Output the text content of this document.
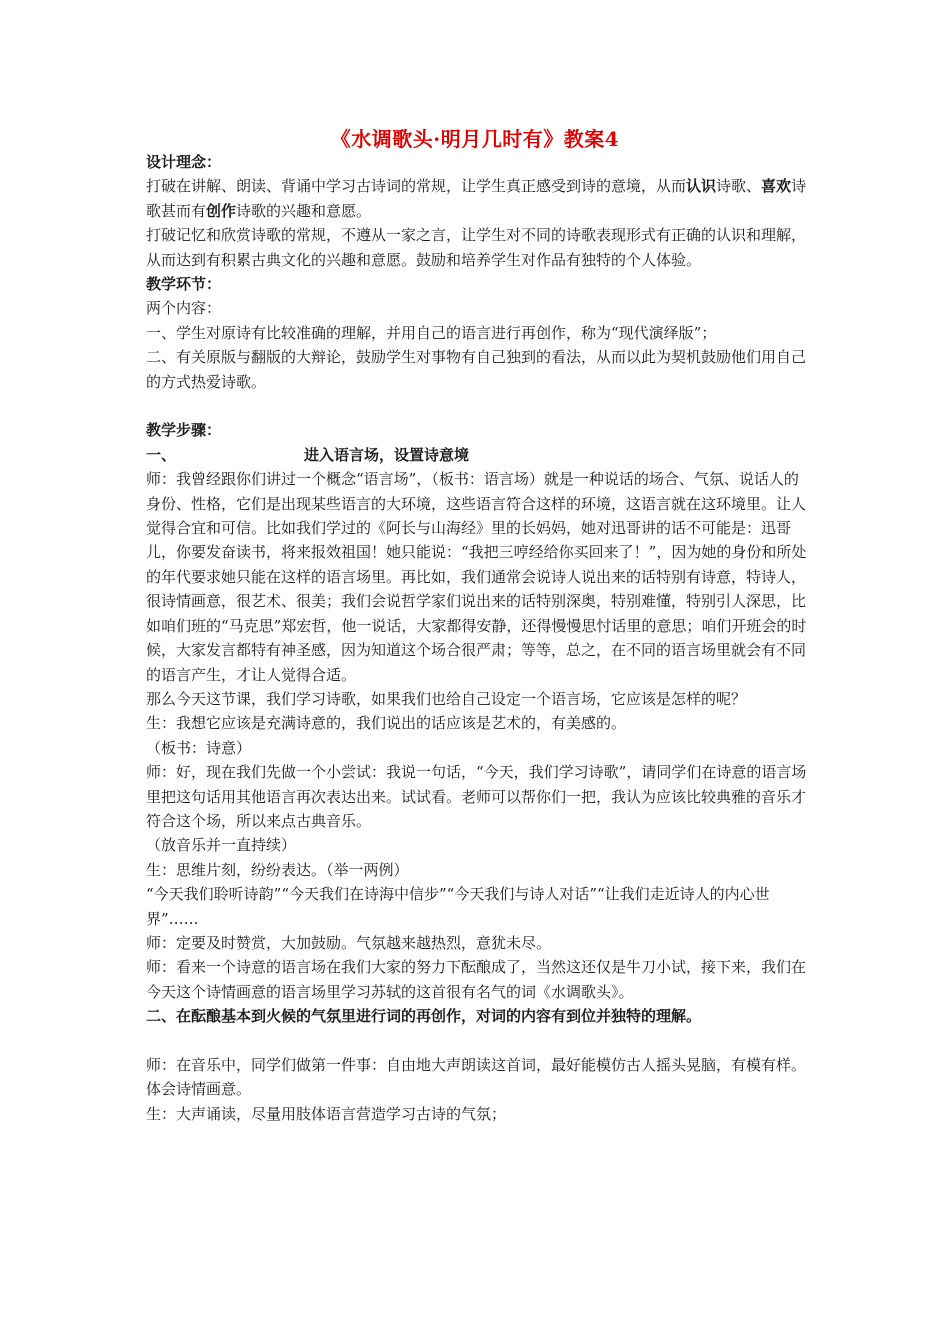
《水调歌头·明月几时有》教案4

设计理念：

打破在讲解、朗读、背诵中学习古诗词的常规，让学生真正感受到诗的意境，从而认识诗歌、喜欢诗歌甚而有创作诗歌的兴趣和意愿。

打破记忆和欣赏诗歌的常规，不遵从一家之言，让学生对不同的诗歌表现形式有正确的认识和理解，从而达到有积累古典文化的兴趣和意愿。鼓励和培养学生对作品有独特的个人体验。

教学环节：

两个内容：

一、学生对原诗有比较准确的理解，并用自己的语言进行再创作，称为“现代演绎版”；

二、有关原版与翻版的大辩论，鼓励学生对事物有自己独到的看法，从而以此为契机鼓励他们用自己的方式热爱诗歌。

教学步骤：

一、	进入语言场，设置诗意境

师：我曾经跟你们讲过一个概念“语言场”，（板书：语言场）就是一种说话的场合、气氛、说话人的身份、性格，它们是出现某些语言的大环境，这些语言符合这样的环境，这语言就在这环境里。让人觉得合宜和可信。比如我们学过的《阿长与山海经》里的长妈妈，她对迅哥讲的话不可能是：迅哥儿，你要发奋读书，将来报效祖国！她只能说：“我把三哼经给你买回来了！”，因为她的身份和所处的年代要求她只能在这样的语言场里。再比如，我们通常会说诗人说出来的话特别有诗意，特诗人，很诗情画意，很艺术、很美；我们会说哲学家们说出来的话特别深奥，特别难懂，特别引人深思，比如咱们班的“马克思”郑宏哲，他一说话，大家都得安静，还得慢慢思忖话里的意思；咱们开班会的时候，大家发言都特有神圣感，因为知道这个场合很严肃；等等，总之，在不同的语言场里就会有不同的语言产生，才让人觉得合适。

那么今天这节课，我们学习诗歌，如果我们也给自己设定一个语言场，它应该是怎样的呢？

生：我想它应该是充满诗意的，我们说出的话应该是艺术的，有美感的。

（板书：诗意）

师：好，现在我们先做一个小尝试：我说一句话，“今天，我们学习诗歌”，请同学们在诗意的语言场里把这句话用其他语言再次表达出来。试试看。老师可以帮你们一把，我认为应该比较典雅的音乐才符合这个场，所以来点古典音乐。

（放音乐并一直持续）

生：思维片刻，纷纷表达。（举一两例）

“今天我们聆听诗韵”“今天我们在诗海中信步”“今天我们与诗人对话”“让我们走近诗人的内心世界”……

师：定要及时赞赏，大加鼓励。气氛越来越热烈，意犹未尽。

师：看来一个诗意的语言场在我们大家的努力下酝酿成了，当然这还仅是牛刀小试，接下来，我们在今天这个诗情画意的语言场里学习苏轼的这首很有名气的词《水调歌头》。

二、在酝酿基本到火候的气氛里进行词的再创作，对词的内容有到位并独特的理解。

师：在音乐中，同学们做第一件事：自由地大声朗读这首词，最好能模仿古人摇头晃脑，有模有样。体会诗情画意。

生：大声诵读，尽量用肢体语言营造学习古诗的气氛；
